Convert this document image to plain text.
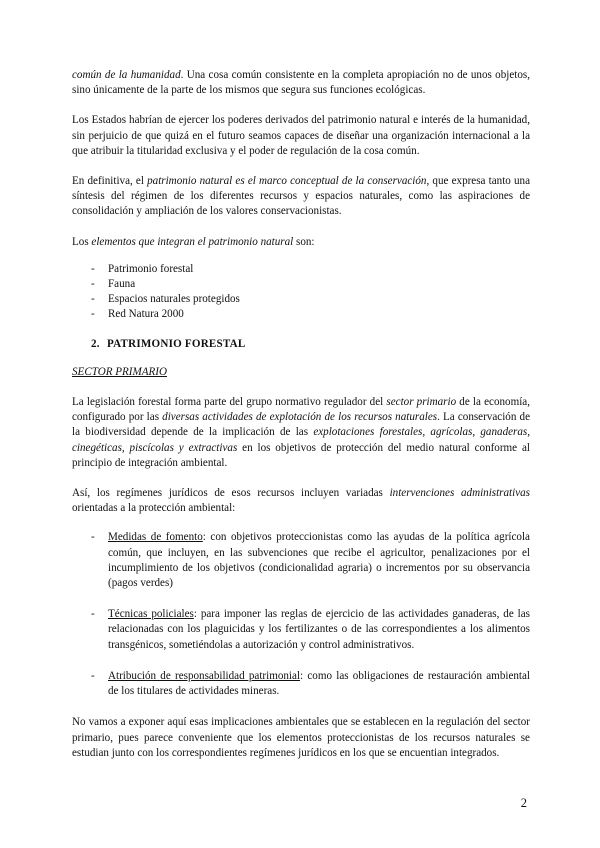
común de la humanidad. Una cosa común consistente en la completa apropiación no de unos objetos, sino únicamente de la parte de los mismos que segura sus funciones ecológicas.

Los Estados habrían de ejercer los poderes derivados del patrimonio natural e interés de la humanidad, sin perjuicio de que quizá en el futuro seamos capaces de diseñar una organización internacional a la que atribuir la titularidad exclusiva y el poder de regulación de la cosa común.

En definitiva, el patrimonio natural es el marco conceptual de la conservación, que expresa tanto una síntesis del régimen de los diferentes recursos y espacios naturales, como las aspiraciones de consolidación y ampliación de los valores conservacionistas.

Los elementos que integran el patrimonio natural son:

- Patrimonio forestal
- Fauna
- Espacios naturales protegidos
- Red Natura 2000
2. PATRIMONIO FORESTAL
SECTOR PRIMARIO

La legislación forestal forma parte del grupo normativo regulador del sector primario de la economía, configurado por las diversas actividades de explotación de los recursos naturales. La conservación de la biodiversidad depende de la implicación de las explotaciones forestales, agrícolas, ganaderas, cinegéticas, piscícolas y extractivas en los objetivos de protección del medio natural conforme al principio de integración ambiental.

Así, los regímenes jurídicos de esos recursos incluyen variadas intervenciones administrativas orientadas a la protección ambiental:

- Medidas de fomento: con objetivos proteccionistas como las ayudas de la política agrícola común, que incluyen, en las subvenciones que recibe el agricultor, penalizaciones por el incumplimiento de los objetivos (condicionalidad agraria) o incrementos por su observancia (pagos verdes)
- Técnicas policiales: para imponer las reglas de ejercicio de las actividades ganaderas, de las relacionadas con los plaguicidas y los fertilizantes o de las correspondientes a los alimentos transgénicos, sometiéndolas a autorización y control administrativos.
- Atribución de responsabilidad patrimonial: como las obligaciones de restauración ambiental de los titulares de actividades mineras.

No vamos a exponer aquí esas implicaciones ambientales que se establecen en la regulación del sector primario, pues parece conveniente que los elementos proteccionistas de los recursos naturales se estudian junto con los correspondientes regímenes jurídicos en los que se encuentian integrados.

2
